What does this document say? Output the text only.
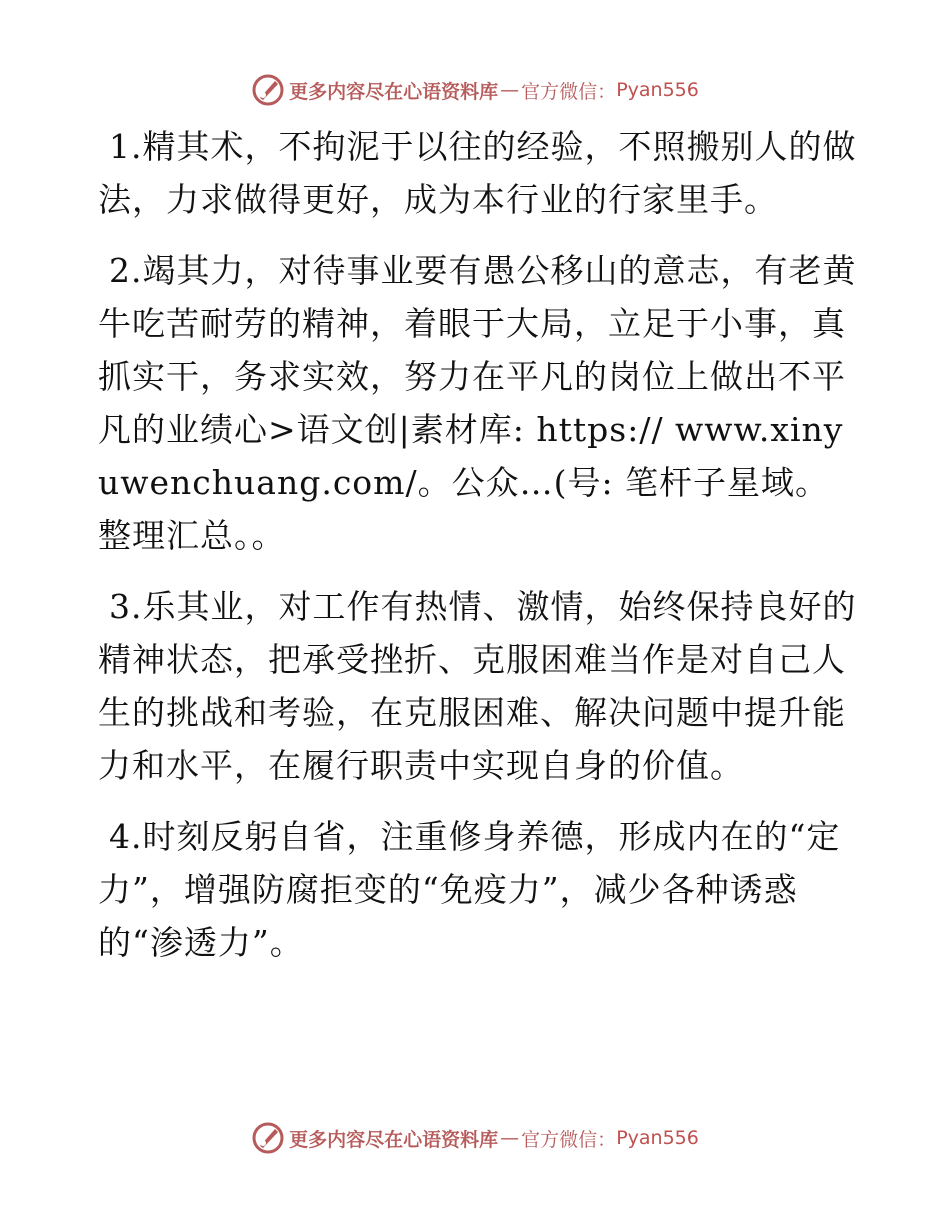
更多内容尽在心语资料库 — 官方微信： Pyan556

1.精其术，不拘泥于以往的经验，不照搬别人的做法，力求做得更好，成为本行业的行家里手。

2.竭其力，对待事业要有愚公移山的意志，有老黄牛吃苦耐劳的精神，着眼于大局，立足于小事，真抓实干，务求实效，努力在平凡的岗位上做出不平凡的业绩心>语文创|素材库: https:// www.xinyuwenchuang.com/。公众…(号: 笔杆子星域。整理汇总。。

3.乐其业，对工作有热情、激情，始终保持良好的精神状态，把承受挫折、克服困难当作是对自己人生的挑战和考验，在克服困难、解决问题中提升能力和水平，在履行职责中实现自身的价值。

4.时刻反躬自省，注重修身养德，形成内在的“定力”，增强防腐拒变的“免疫力”，减少各种诱惑的“渗透力”。

更多内容尽在心语资料库 — 官方微信： Pyan556
